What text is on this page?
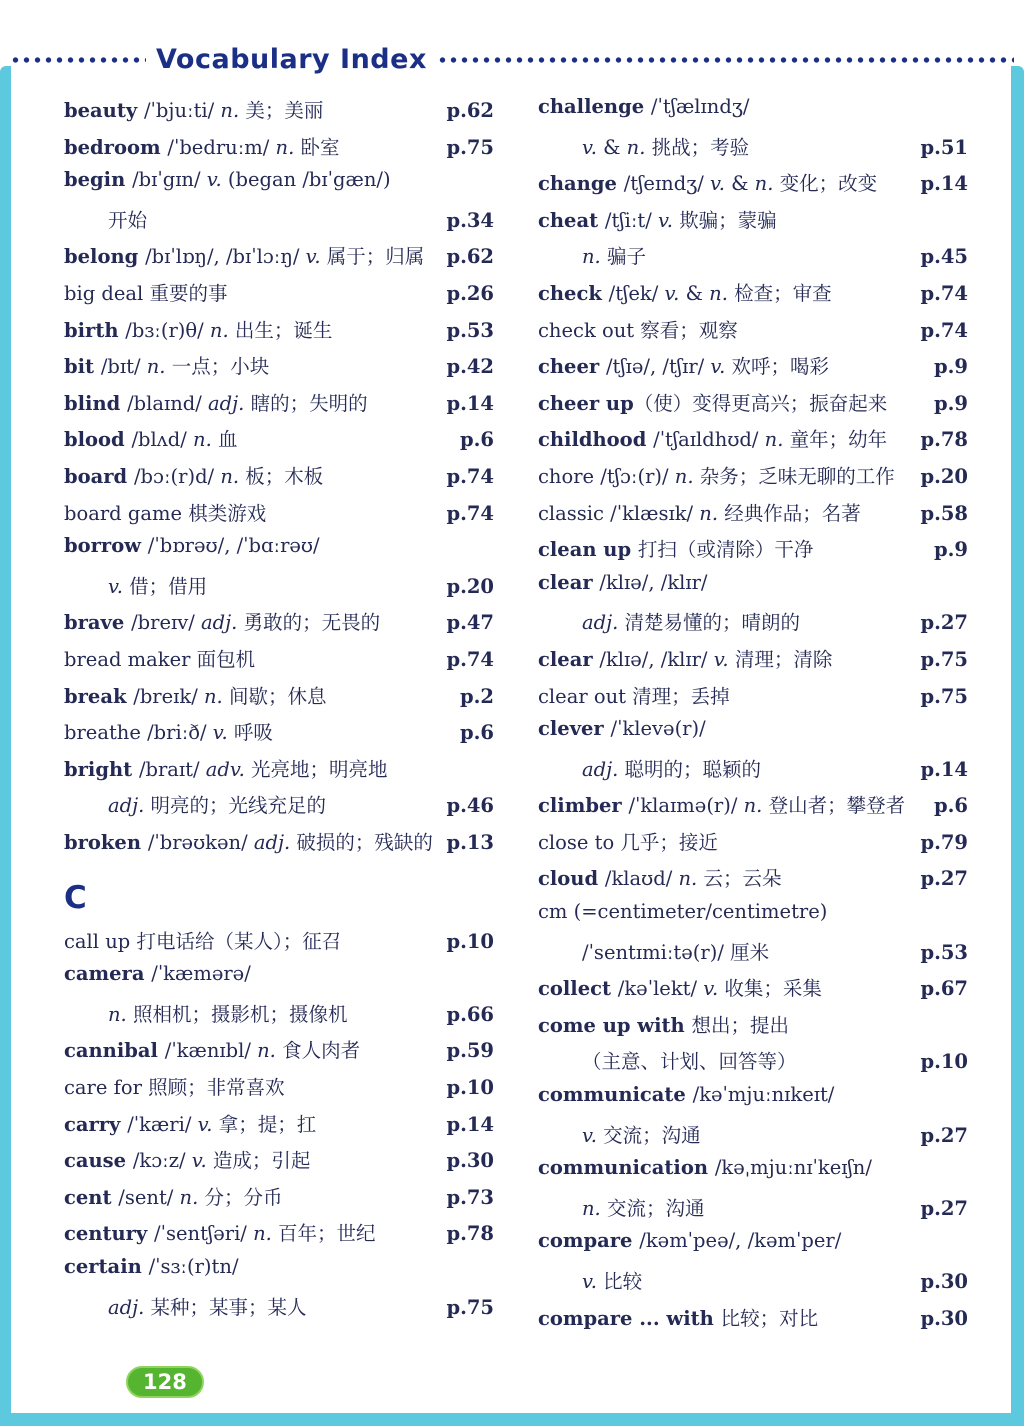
Vocabulary Index
beauty /ˈbjuːti/ n. 美；美丽	p.62
bedroom /ˈbedruːm/ n. 卧室	p.75
begin /bɪˈgɪn/ v. (began /bɪˈgæn/)
开始	p.34
belong /bɪˈlɒŋ/, /bɪˈlɔːŋ/ v. 属于；归属 p.62
big deal 重要的事	p.26
birth /bɜː(r)θ/ n. 出生；诞生	p.53
bit /bɪt/ n. 一点；小块	p.42
blind /blaɪnd/ adj. 瞎的；失明的	p.14
blood /blʌd/ n. 血	p.6
board /bɔː(r)d/ n. 板；木板	p.74
board game 棋类游戏	p.74
borrow /ˈbɒrəʊ/, /ˈbɑːrəʊ/
v. 借；借用	p.20
brave /breɪv/ adj. 勇敢的；无畏的	p.47
bread maker 面包机	p.74
break /breɪk/ n. 间歇；休息	p.2
breathe /briːð/ v. 呼吸	p.6
bright /braɪt/ adv. 光亮地；明亮地
adj. 明亮的；光线充足的	p.46
broken /ˈbrəʊkən/ adj. 破损的；残缺的 p.13
C
call up 打电话给（某人）；征召	p.10
camera /ˈkæmərə/
n. 照相机；摄影机；摄像机	p.66
cannibal /ˈkænɪbl/ n. 食人肉者	p.59
care for 照顾；非常喜欢	p.10
carry /ˈkæri/ v. 拿；提；扛	p.14
cause /kɔːz/ v. 造成；引起	p.30
cent /sent/ n. 分；分币	p.73
century /ˈsentʃəri/ n. 百年；世纪	p.78
certain /ˈsɜː(r)tn/
adj. 某种；某事；某人	p.75
challenge /ˈtʃælɪndʒ/
v. & n. 挑战；考验	p.51
change /tʃeɪndʒ/ v. & n. 变化；改变 p.14
cheat /tʃiːt/ v. 欺骗；蒙骗
n. 骗子	p.45
check /tʃek/ v. & n. 检查；审查	p.74
check out 察看；观察	p.74
cheer /tʃɪə/, /tʃɪr/ v. 欢呼；喝彩	p.9
cheer up（使）变得更高兴；振奋起来 p.9
childhood /ˈtʃaɪldhʊd/ n. 童年；幼年 p.78
chore /tʃɔː(r)/ n. 杂务；乏味无聊的工作 p.20
classic /ˈklæsɪk/ n. 经典作品；名著	p.58
clean up 打扫（或清除）干净	p.9
clear /klɪə/, /klɪr/
adj. 清楚易懂的；晴朗的	p.27
clear /klɪə/, /klɪr/ v. 清理；清除	p.75
clear out 清理；丢掉	p.75
clever /ˈklevə(r)/
adj. 聪明的；聪颖的	p.14
climber /ˈklaɪmə(r)/ n. 登山者；攀登者 p.6
close to 几乎；接近	p.79
cloud /klaʊd/ n. 云；云朵	p.27
cm (=centimeter/centimetre)
/ˈsentɪmiːtə(r)/ 厘米	p.53
collect /kəˈlekt/ v. 收集；采集	p.67
come up with 想出；提出
（主意、计划、回答等）	p.10
communicate /kəˈmjuːnɪkeɪt/
v. 交流；沟通	p.27
communication /kəˌmjuːnɪˈkeɪʃn/
n. 交流；沟通	p.27
compare /kəmˈpeə/, /kəmˈper/
v. 比较	p.30
compare ... with 比较；对比	p.30
128
